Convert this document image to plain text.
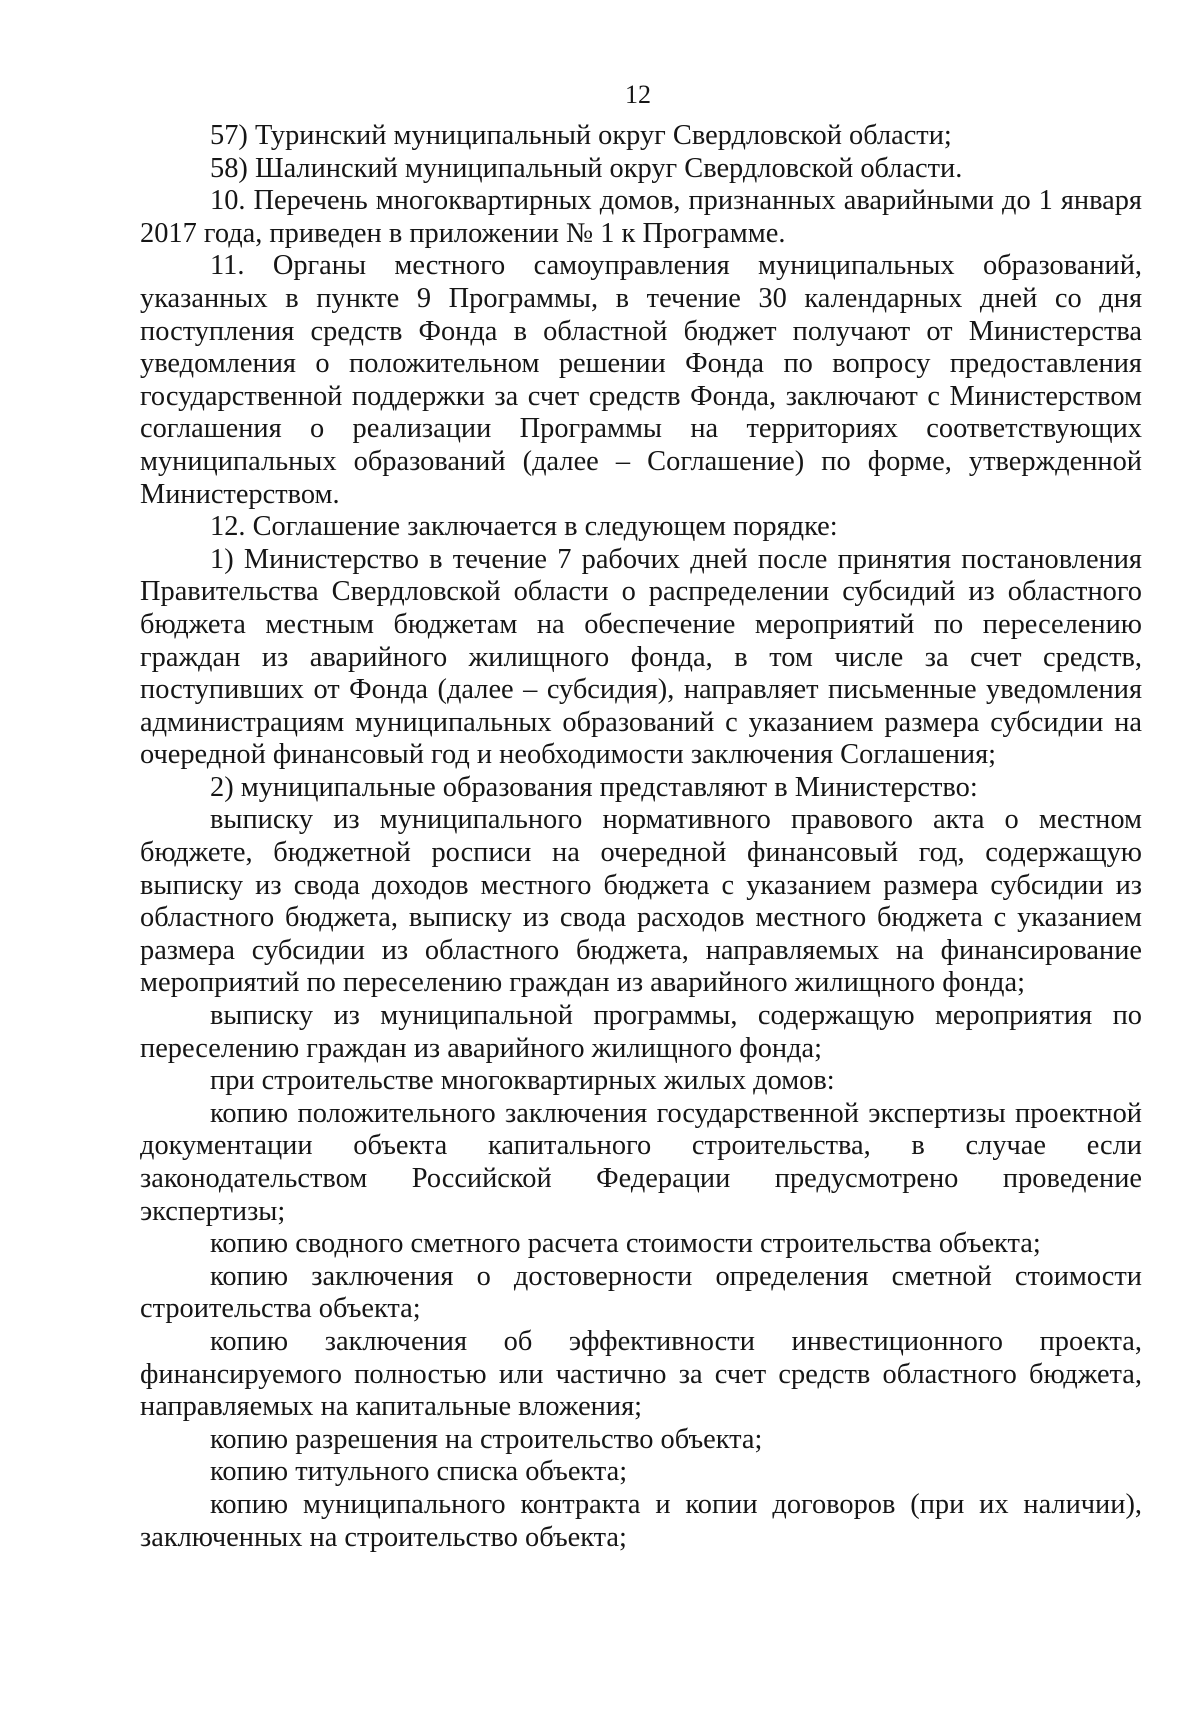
12

57) Туринский муниципальный округ Свердловской области;

58) Шалинский муниципальный округ Свердловской области.

10. Перечень многоквартирных домов, признанных аварийными до 1 января 2017 года, приведен в приложении № 1 к Программе.

11. Органы местного самоуправления муниципальных образований, указанных в пункте 9 Программы, в течение 30 календарных дней со дня поступления средств Фонда в областной бюджет получают от Министерства уведомления о положительном решении Фонда по вопросу предоставления государственной поддержки за счет средств Фонда, заключают с Министерством соглашения о реализации Программы на территориях соответствующих муниципальных образований (далее – Соглашение) по форме, утвержденной Министерством.

12. Соглашение заключается в следующем порядке:

1) Министерство в течение 7 рабочих дней после принятия постановления Правительства Свердловской области о распределении субсидий из областного бюджета местным бюджетам на обеспечение мероприятий по переселению граждан из аварийного жилищного фонда, в том числе за счет средств, поступивших от Фонда (далее – субсидия), направляет письменные уведомления администрациям муниципальных образований с указанием размера субсидии на очередной финансовый год и необходимости заключения Соглашения;

2) муниципальные образования представляют в Министерство:

выписку из муниципального нормативного правового акта о местном бюджете, бюджетной росписи на очередной финансовый год, содержащую выписку из свода доходов местного бюджета с указанием размера субсидии из областного бюджета, выписку из свода расходов местного бюджета с указанием размера субсидии из областного бюджета, направляемых на финансирование мероприятий по переселению граждан из аварийного жилищного фонда;

выписку из муниципальной программы, содержащую мероприятия по переселению граждан из аварийного жилищного фонда;

при строительстве многоквартирных жилых домов:

копию положительного заключения государственной экспертизы проектной документации объекта капитального строительства, в случае если законодательством Российской Федерации предусмотрено проведение экспертизы;

копию сводного сметного расчета стоимости строительства объекта;

копию заключения о достоверности определения сметной стоимости строительства объекта;

копию заключения об эффективности инвестиционного проекта, финансируемого полностью или частично за счет средств областного бюджета, направляемых на капитальные вложения;

копию разрешения на строительство объекта;

копию титульного списка объекта;

копию муниципального контракта и копии договоров (при их наличии), заключенных на строительство объекта;
